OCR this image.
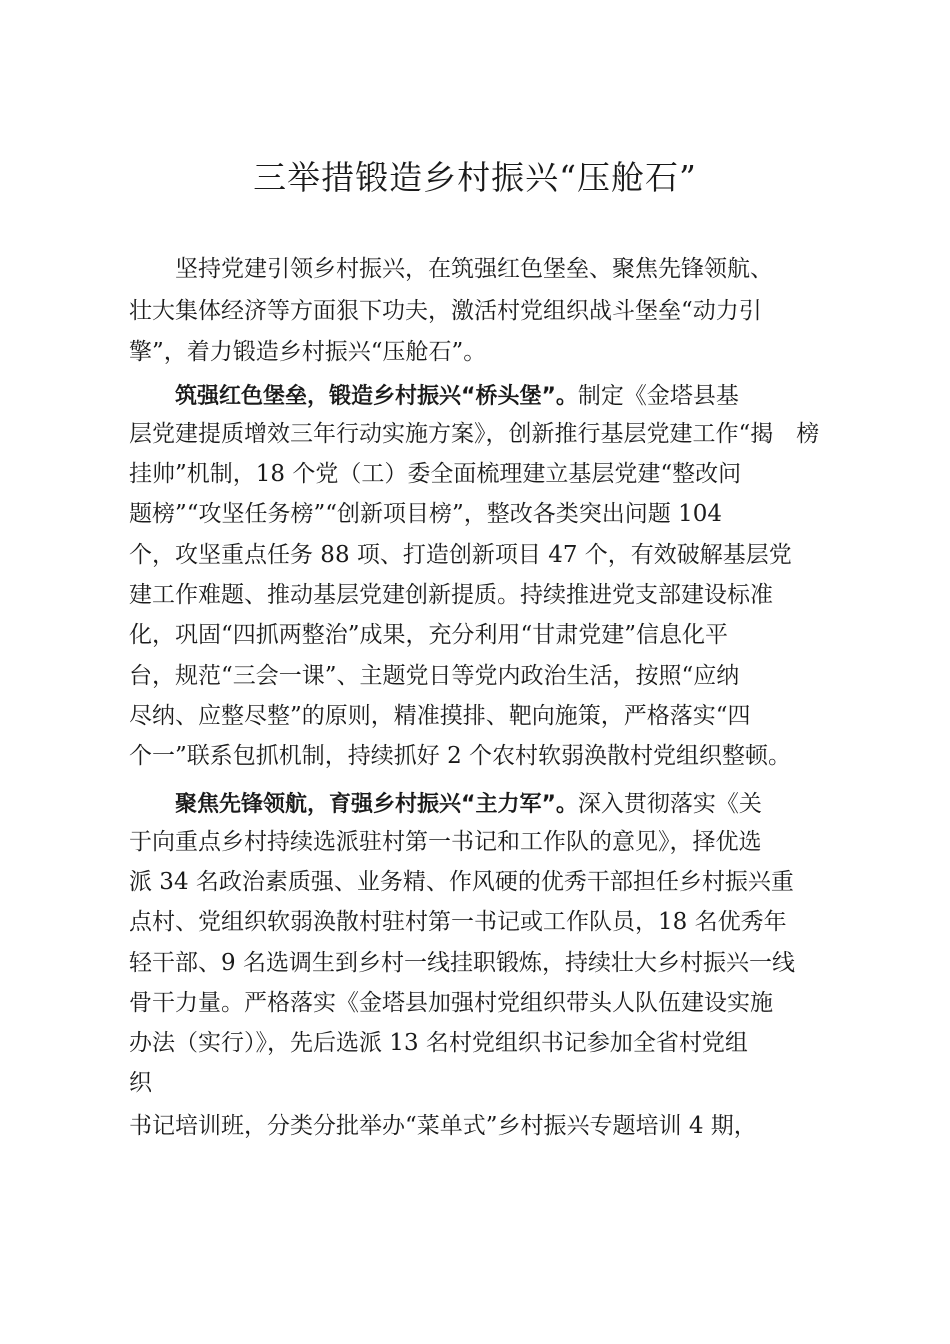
三举措锻造乡村振兴“压舱石”
坚持党建引领乡村振兴，在筑强红色堡垒、聚焦先锋领航、
壮大集体经济等方面狠下功夫，激活村党组织战斗堡垒“动力引
擎”，着力锻造乡村振兴“压舱石”。
筑强红色堡垒，锻造乡村振兴“桥头堡”。制定《金塔县基
层党建提质增效三年行动实施方案》，创新推行基层党建工作“揭　榜
挂帅”机制，18 个党（工）委全面梳理建立基层党建“整改问
题榜”“攻坚任务榜”“创新项目榜”，整改各类突出问题 104
个，攻坚重点任务 88 项、打造创新项目 47 个，有效破解基层党
建工作难题、推动基层党建创新提质。持续推进党支部建设标准
化，巩固“四抓两整治”成果，充分利用“甘肃党建”信息化平
台，规范“三会一课”、主题党日等党内政治生活，按照“应纳
尽纳、应整尽整”的原则，精准摸排、靶向施策，严格落实“四
个一”联系包抓机制，持续抓好 2 个农村软弱涣散村党组织整顿。
聚焦先锋领航，育强乡村振兴“主力军”。深入贯彻落实《关
于向重点乡村持续选派驻村第一书记和工作队的意见》，择优选
派 34 名政治素质强、业务精、作风硬的优秀干部担任乡村振兴重
点村、党组织软弱涣散村驻村第一书记或工作队员，18 名优秀年
轻干部、9 名选调生到乡村一线挂职锻炼，持续壮大乡村振兴一线
骨干力量。严格落实《金塔县加强村党组织带头人队伍建设实施
办法（实行）》，先后选派 13 名村党组织书记参加全省村党组
织
书记培训班，分类分批举办“菜单式”乡村振兴专题培训 4 期，
